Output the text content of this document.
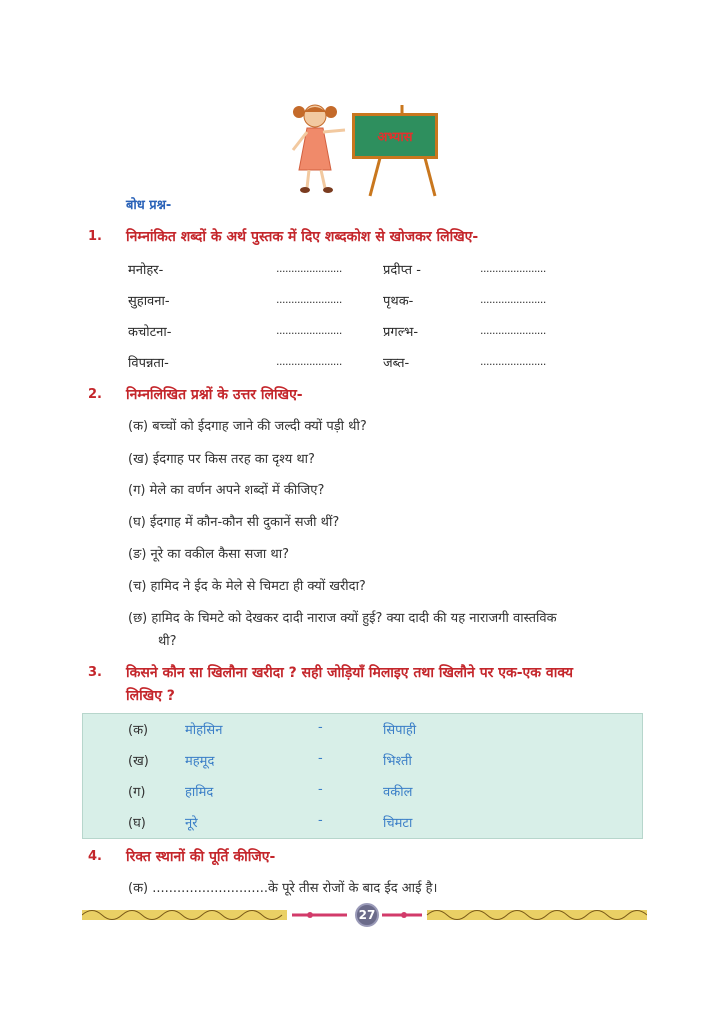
अभ्यास
बोध प्रश्न-
1. निम्नांकित शब्दों के अर्थ पुस्तक में दिए शब्दकोश से खोजकर लिखिए-
मनोहर-	......................	प्रदीप्त -	......................
सुहावना-	......................	पृथक-	......................
कचोटना-	......................	प्रगल्भ-	......................
विपन्नता-	......................	जब्त-	......................
2. निम्नलिखित प्रश्नों के उत्तर लिखिए-
(क) बच्चों को ईदगाह जाने की जल्दी क्यों पड़ी थी?
(ख) ईदगाह पर किस तरह का दृश्य था?
(ग) मेले का वर्णन अपने शब्दों में कीजिए?
(घ) ईदगाह में कौन-कौन सी दुकानें सजी थीं?
(ङ) नूरे का वकील कैसा सजा था?
(च) हामिद ने ईद के मेले से चिमटा ही क्यों खरीदा?
(छ) हामिद के चिमटे को देखकर दादी नाराज क्यों हुई? क्या दादी की यह नाराजगी वास्तविक
थी?
3. किसने कौन सा खिलौना खरीदा ? सही जोड़ियाँ मिलाइए तथा खिलौने पर एक-एक वाक्य
लिखिए ?
(क)	मोहसिन	-	सिपाही
(ख)	महमूद	-	भिश्ती
(ग)	हामिद	-	वकील
(घ)	नूरे	-	चिमटा
4. रिक्त स्थानों की पूर्ति कीजिए-
(क) ............................के पूरे तीस रोजों के बाद ईद आई है।
27
